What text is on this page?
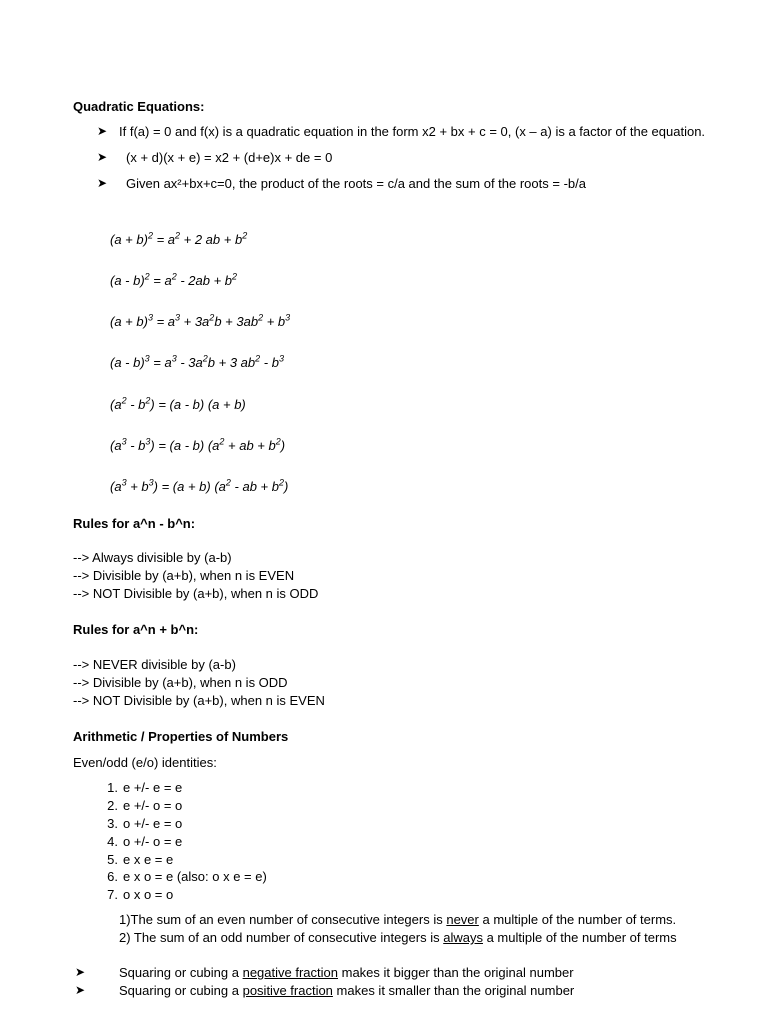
Quadratic Equations:
➤ If f(a) = 0 and f(x) is a quadratic equation in the form x2 + bx + c = 0, (x – a) is a factor of the equation.
➤ (x + d)(x + e) = x2 + (d+e)x + de = 0
➤ Given ax²+bx+c=0, the product of the roots = c/a and the sum of the roots = -b/a
$(a + b)^2 = a^2 + 2$ ab + $b^2$
$(a - b)^2 = a^2 - 2ab + b^2$
$(a + b)^3 = a^3 + 3a^2b + 3ab^2 + b^3$
$(a - b)^3 = a^3 - 3a^2b + 3$ $ab^2 - b^3$
$(a^2 - b^2) = (a - b) (a + b)$
$(a^3 - b^3) = (a - b) (a^2$ + ab + $b^2$)
$(a^3 + b^3) = (a + b)$ ($a^2$ - ab + $b^2$)
Rules for a^n - b^n:
--> Always divisible by (a-b)
--> Divisible by (a+b), when n is EVEN
--> NOT Divisible by (a+b), when n is ODD
Rules for a^n + b^n:
--> NEVER divisible by (a-b)
--> Divisible by (a+b), when n is ODD
--> NOT Divisible by (a+b), when n is EVEN
Arithmetic / Properties of Numbers
Even/odd (e/o) identities:
1. e +/- e = e
2. e +/- o = o
3. o +/- e = o
4. o +/- o = e
5. e x e = e
6. e x o = e (also: o x e = e)
7. o x o = o
1)The sum of an even number of consecutive integers is never a multiple of the number of terms.
2) The sum of an odd number of consecutive integers is always a multiple of the number of terms
➤	Squaring or cubing a negative fraction makes it bigger than the original number
➤	Squaring or cubing a positive fraction makes it smaller than the original number
